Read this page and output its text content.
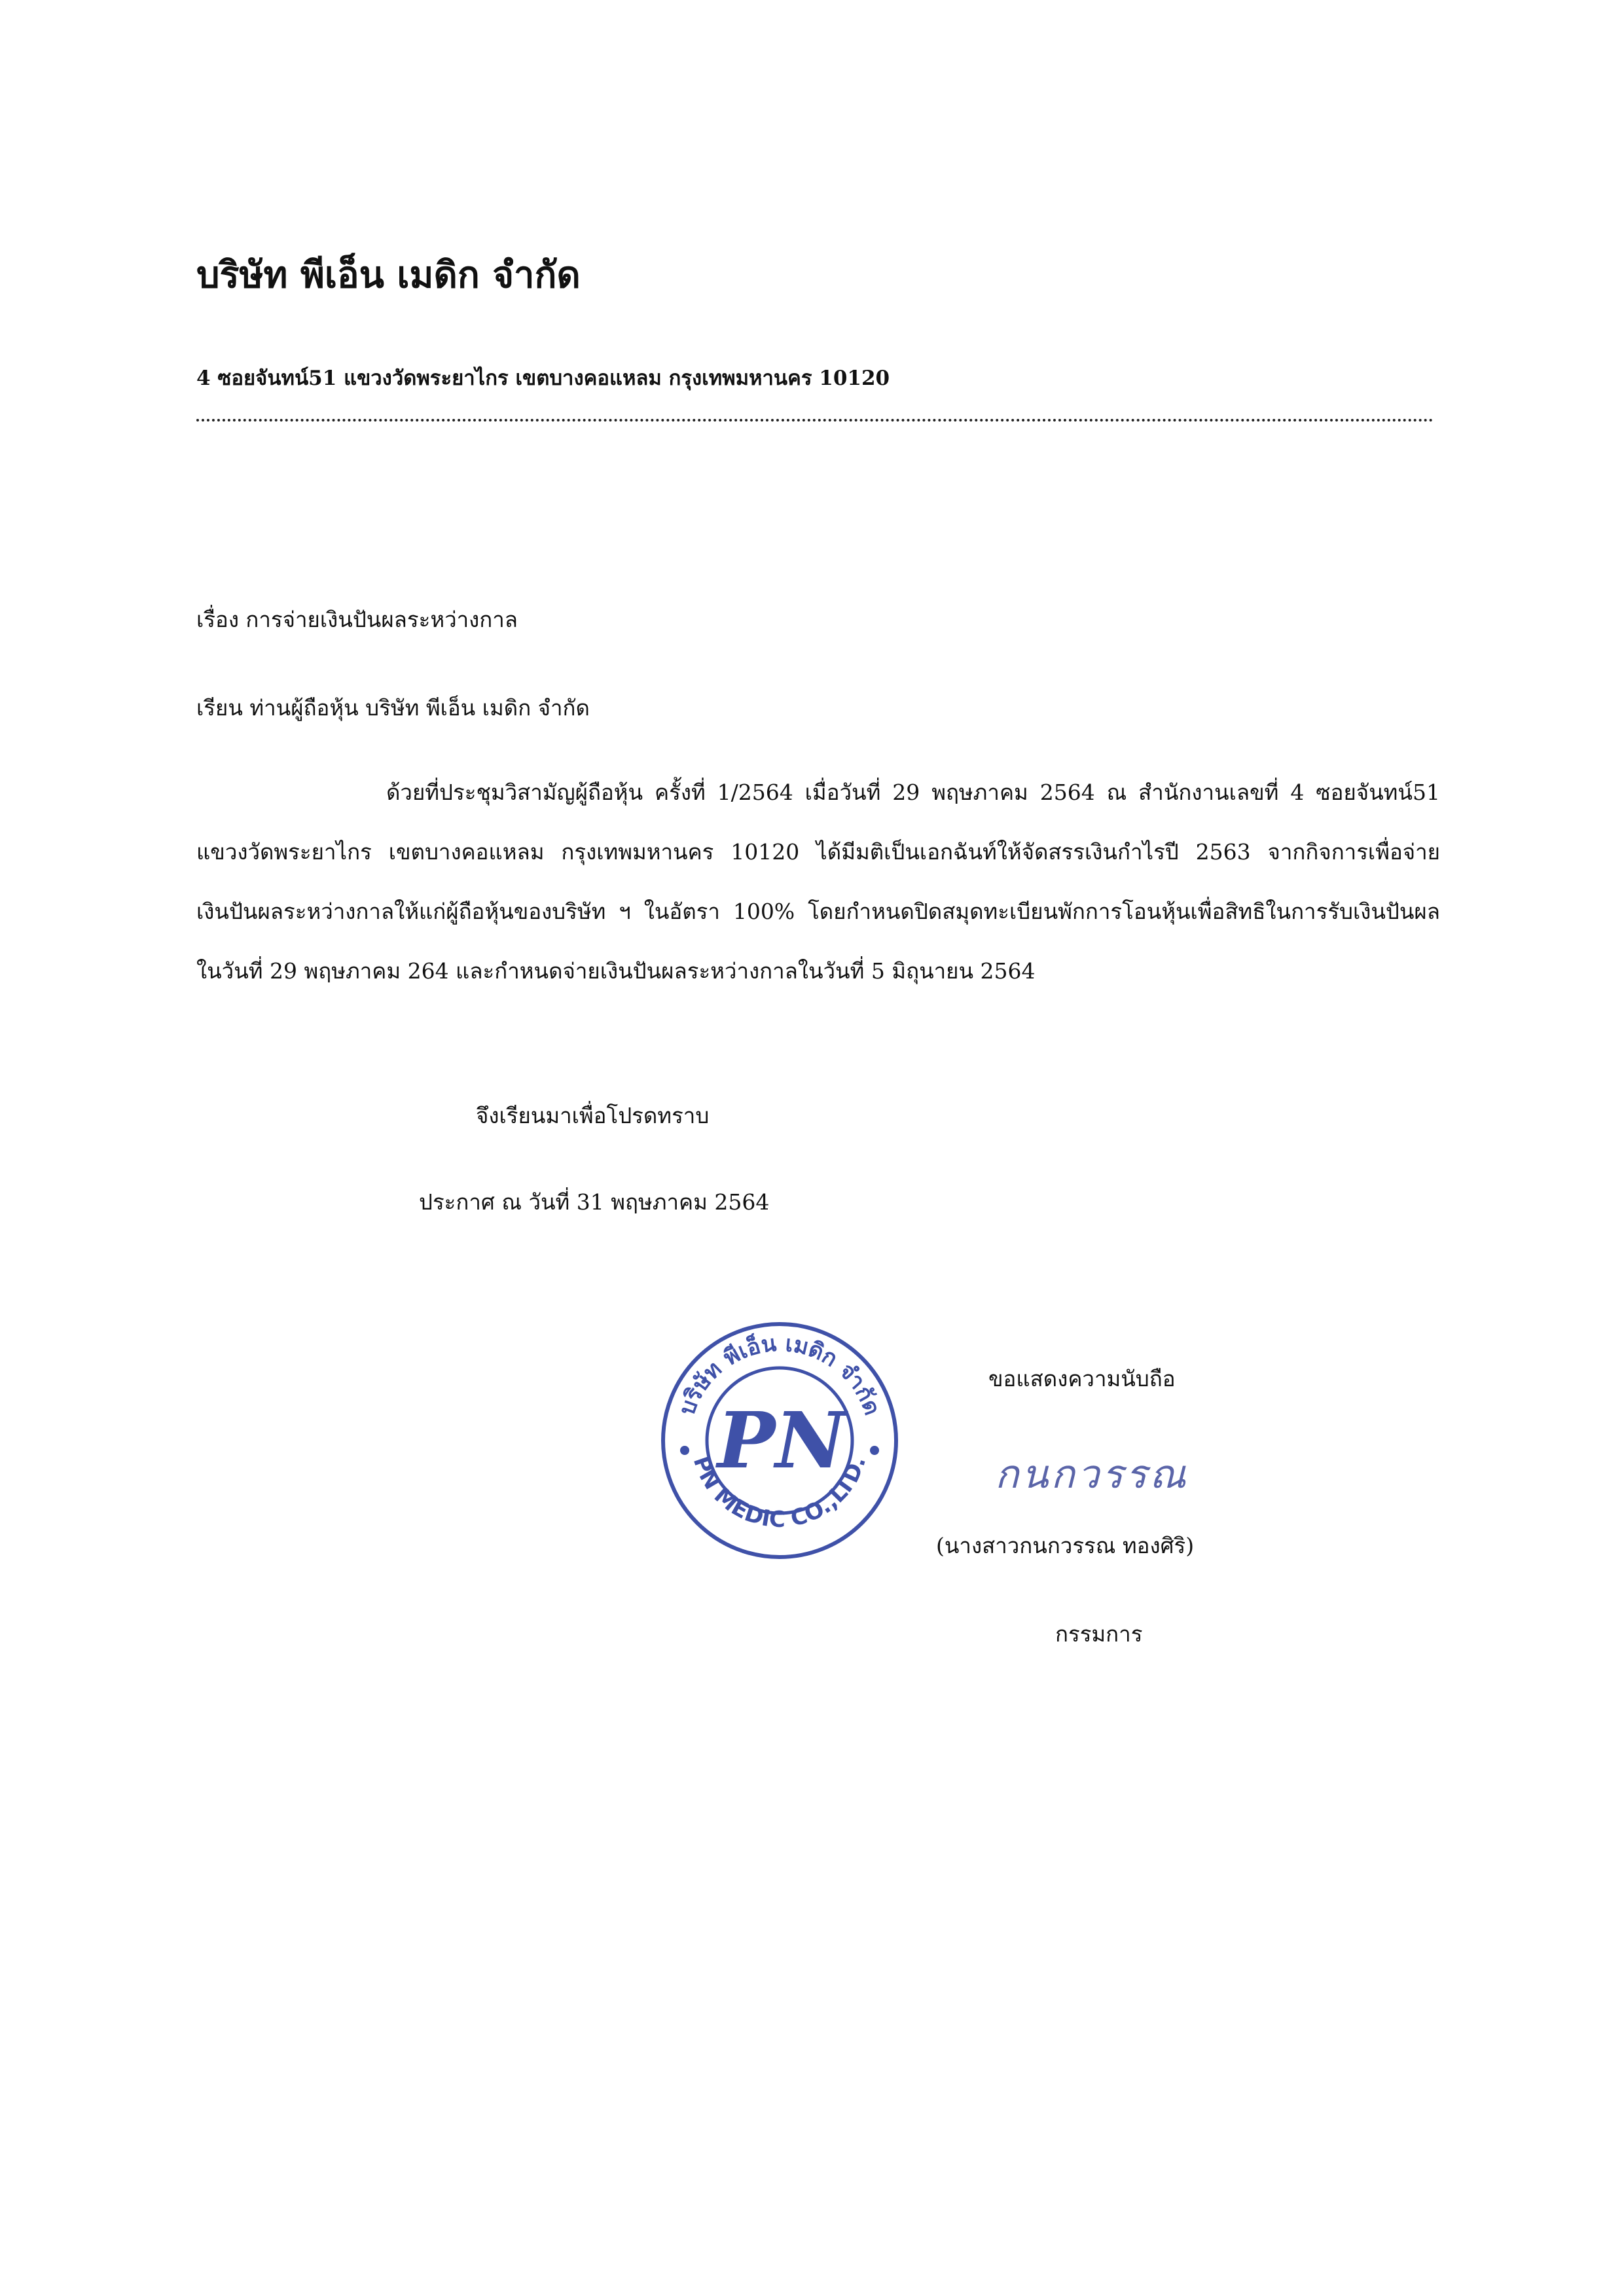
บริษัท พีเอ็น เมดิก จำกัด
4 ซอยจันทน์51 แขวงวัดพระยาไกร เขตบางคอแหลม กรุงเทพมหานคร 10120
เรื่อง การจ่ายเงินปันผลระหว่างกาล
เรียน ท่านผู้ถือหุ้น บริษัท พีเอ็น เมดิก จำกัด
ด้วยที่ประชุมวิสามัญผู้ถือหุ้น ครั้งที่ 1/2564 เมื่อวันที่ 29 พฤษภาคม 2564 ณ สำนักงานเลขที่ 4 ซอยจันทน์51 แขวงวัดพระยาไกร เขตบางคอแหลม กรุงเทพมหานคร 10120 ได้มีมติเป็นเอกฉันท์ให้จัดสรรเงินกำไรปี 2563 จากกิจการเพื่อจ่ายเงินปันผลระหว่างกาลให้แก่ผู้ถือหุ้นของบริษัท ฯ ในอัตรา 100% โดยกำหนดปิดสมุดทะเบียนพักการโอนหุ้นเพื่อสิทธิในการรับเงินปันผลในวันที่ 29 พฤษภาคม 264 และกำหนดจ่ายเงินปันผลระหว่างกาลในวันที่ 5 มิถุนายน 2564
จึงเรียนมาเพื่อโปรดทราบ
ประกาศ ณ วันที่ 31 พฤษภาคม 2564
บริษัท พีเอ็น เมดิก จำกัด
PN MEDIC CO.,LTD.
PN
ขอแสดงความนับถือ
กนกวรรณ
(นางสาวกนกวรรณ ทองศิริ)
กรรมการ
